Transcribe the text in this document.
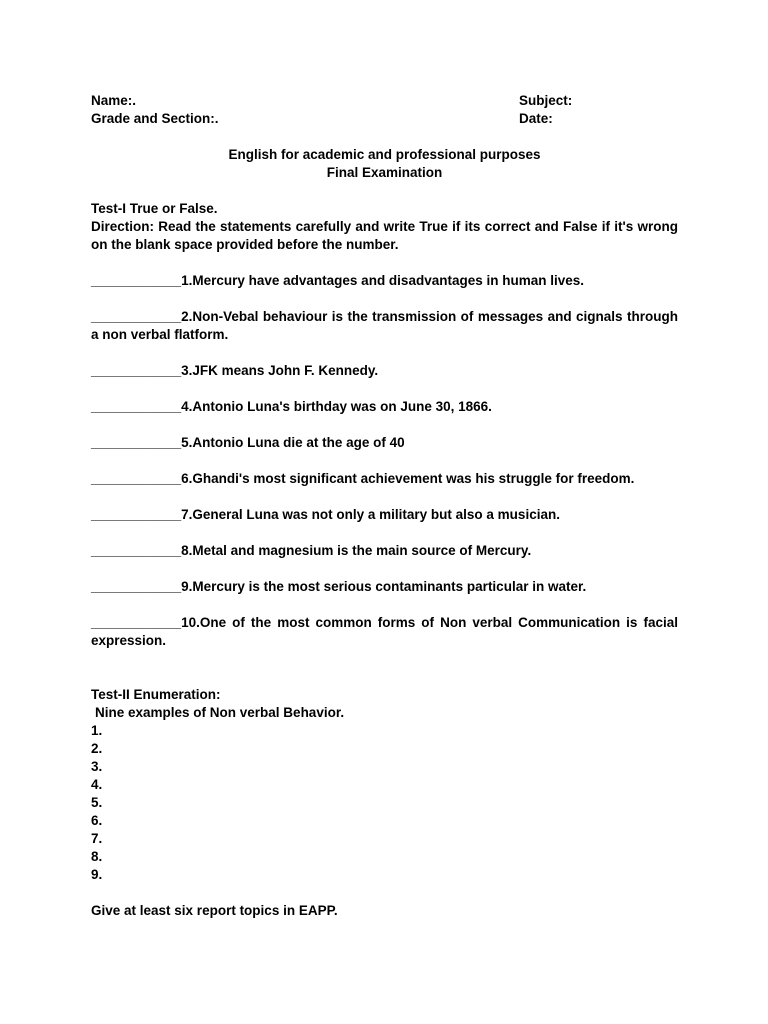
Name:.	Subject:
Grade and Section:.	Date:
English for academic and professional purposes
Final Examination
Test-I True or False.
Direction: Read the statements carefully and write True if its correct and False if it's wrong on the blank space provided before the number.
____________1.Mercury have advantages and disadvantages in human lives.
____________2.Non-Vebal behaviour is the transmission of messages and cignals through a non verbal flatform.
____________3.JFK means John F. Kennedy.
____________4.Antonio Luna's birthday was on June 30, 1866.
____________5.Antonio Luna die at the age of 40
____________6.Ghandi's most significant achievement was his struggle for freedom.
____________7.General Luna was not only a military but also a musician.
____________8.Metal and magnesium is the main source of Mercury.
____________9.Mercury is the most serious contaminants particular in water.
____________10.One of the most common forms of Non verbal Communication is facial expression.
Test-II Enumeration:
Nine examples of Non verbal Behavior.
1.
2.
3.
4.
5.
6.
7.
8.
9.
Give at least six report topics in EAPP.
